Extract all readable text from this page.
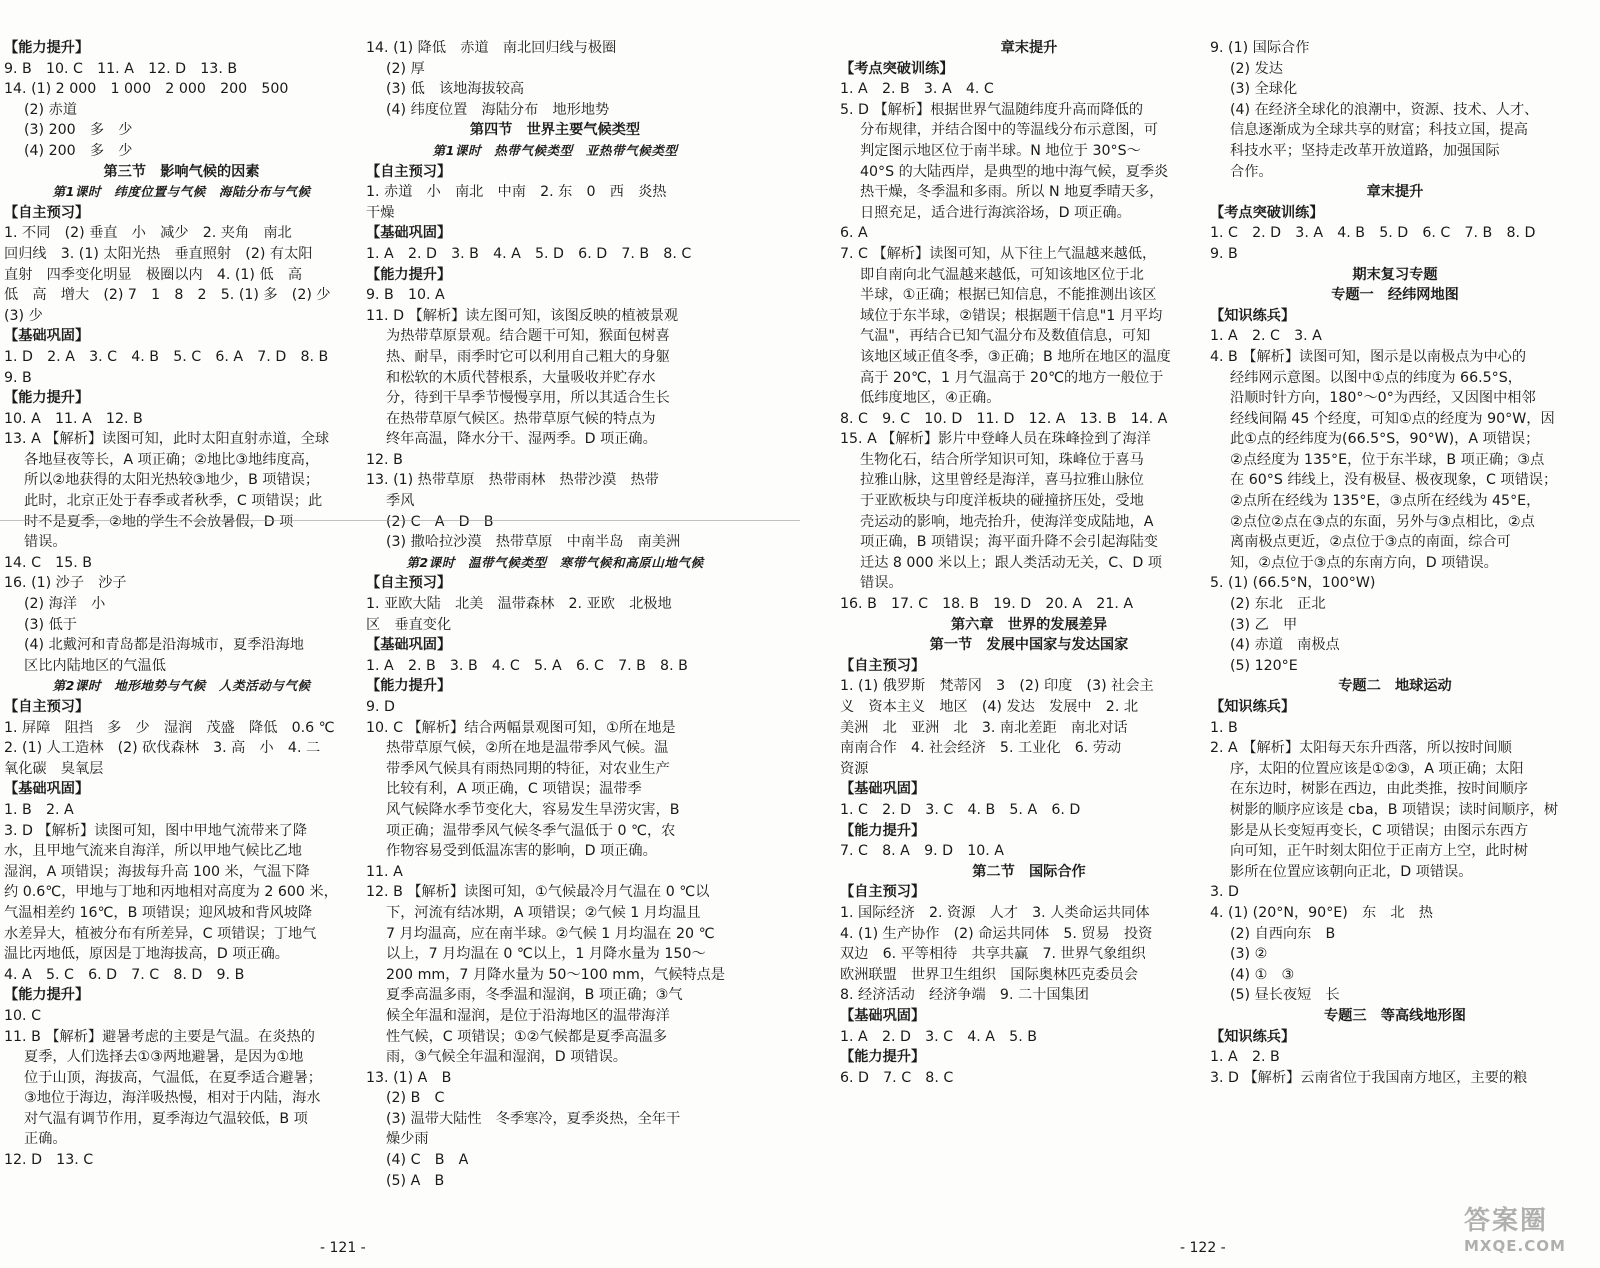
【能力提升】
9. B　10. C　11. A　12. D　13. B
14. (1) 2 000　1 000　2 000　200　500
(2) 赤道
(3) 200　多　少
(4) 200　多　少
第三节　影响气候的因素
第1课时　纬度位置与气候　海陆分布与气候
【自主预习】
1. 不同　(2) 垂直　小　减少　2. 夹角　南北
回归线　3. (1) 太阳光热　垂直照射　(2) 有太阳
直射　四季变化明显　极圈以内　4. (1) 低　高
低　高　增大　(2) 7　1　8　2　5. (1) 多　(2) 少
(3) 少
【基础巩固】
1. D　2. A　3. C　4. B　5. C　6. A　7. D　8. B
9. B
【能力提升】
10. A　11. A　12. B
13. A 【解析】读图可知，此时太阳直射赤道，全球
各地昼夜等长，A 项正确；②地比③地纬度高，
所以②地获得的太阳光热较③地少，B 项错误；
此时，北京正处于春季或者秋季，C 项错误；此
时不是夏季，②地的学生不会放暑假，D 项
错误。
14. C　15. B
16. (1) 沙子　沙子
(2) 海洋　小
(3) 低于
(4) 北戴河和青岛都是沿海城市，夏季沿海地
区比内陆地区的气温低
第2课时　地形地势与气候　人类活动与气候
【自主预习】
1. 屏障　阻挡　多　少　湿润　茂盛　降低　0.6 ℃
2. (1) 人工造林　(2) 砍伐森林　3. 高　小　4. 二
氧化碳　臭氧层
【基础巩固】
1. B　2. A
3. D 【解析】读图可知，图中甲地气流带来了降
水，且甲地气流来自海洋，所以甲地气候比乙地
湿润，A 项错误；海拔每升高 100 米，气温下降
约 0.6℃，甲地与丁地和丙地相对高度为 2 600 米，
气温相差约 16℃，B 项错误；迎风坡和背风坡降
水差异大，植被分布有所差异，C 项错误；丁地气
温比丙地低，原因是丁地海拔高，D 项正确。
4. A　5. C　6. D　7. C　8. D　9. B
【能力提升】
10. C
11. B 【解析】避暑考虑的主要是气温。在炎热的
夏季，人们选择去①③两地避暑，是因为①地
位于山顶，海拔高，气温低，在夏季适合避暑；
③地位于海边，海洋吸热慢，相对于内陆，海水
对气温有调节作用，夏季海边气温较低，B 项
正确。
12. D　13. C
14. (1) 降低　赤道　南北回归线与极圈
(2) 厚
(3) 低　该地海拔较高
(4) 纬度位置　海陆分布　地形地势
第四节　世界主要气候类型
第1课时　热带气候类型　亚热带气候类型
【自主预习】
1. 赤道　小　南北　中南　2. 东　0　西　炎热
干燥
【基础巩固】
1. A　2. D　3. B　4. A　5. D　6. D　7. B　8. C
【能力提升】
9. B　10. A
11. D 【解析】读左图可知，该图反映的植被景观
为热带草原景观。结合题干可知，猴面包树喜
热、耐旱，雨季时它可以利用自己粗大的身躯
和松软的木质代替根系，大量吸收并贮存水
分，待到干旱季节慢慢享用，所以其适合生长
在热带草原气候区。热带草原气候的特点为
终年高温，降水分干、湿两季。D 项正确。
12. B
13. (1) 热带草原　热带雨林　热带沙漠　热带
季风
(2) C　A　D　B
(3) 撒哈拉沙漠　热带草原　中南半岛　南美洲
第2课时　温带气候类型　寒带气候和高原山地气候
【自主预习】
1. 亚欧大陆　北美　温带森林　2. 亚欧　北极地
区　垂直变化
【基础巩固】
1. A　2. B　3. B　4. C　5. A　6. C　7. B　8. B
【能力提升】
9. D
10. C 【解析】结合两幅景观图可知，①所在地是
热带草原气候，②所在地是温带季风气候。温
带季风气候具有雨热同期的特征，对农业生产
比较有利，A 项正确，C 项错误；温带季
风气候降水季节变化大，容易发生旱涝灾害，B
项正确；温带季风气候冬季气温低于 0 ℃，农
作物容易受到低温冻害的影响，D 项正确。
11. A
12. B 【解析】读图可知，①气候最冷月气温在 0 ℃以
下，河流有结冰期，A 项错误；②气候 1 月均温且
7 月均温高，应在南半球。②气候 1 月均温在 20 ℃
以上，7 月均温在 0 ℃以上，1 月降水量为 150～
200 mm，7 月降水量为 50～100 mm，气候特点是
夏季高温多雨，冬季温和湿润，B 项正确；③气
候全年温和湿润，是位于沿海地区的温带海洋
性气候，C 项错误；①②气候都是夏季高温多
雨，③气候全年温和湿润，D 项错误。
13. (1) A　B
(2) B　C
(3) 温带大陆性　冬季寒冷，夏季炎热，全年干
燥少雨
(4) C　B　A
(5) A　B
- 121 -
章末提升
【考点突破训练】
1. A　2. B　3. A　4. C
5. D 【解析】根据世界气温随纬度升高而降低的
分布规律，并结合图中的等温线分布示意图，可
判定图示地区位于南半球。N 地位于 30°S～
40°S 的大陆西岸，是典型的地中海气候，夏季炎
热干燥，冬季温和多雨。所以 N 地夏季晴天多，
日照充足，适合进行海滨浴场，D 项正确。
6. A
7. C 【解析】读图可知，从下往上气温越来越低，
即自南向北气温越来越低，可知该地区位于北
半球，①正确；根据已知信息，不能推测出该区
域位于东半球，②错误；根据题干信息"1 月平均
气温"，再结合已知气温分布及数值信息，可知
该地区域正值冬季，③正确；B 地所在地区的温度
高于 20℃，1 月气温高于 20℃的地方一般位于
低纬度地区，④正确。
8. C　9. C　10. D　11. D　12. A　13. B　14. A
15. A 【解析】影片中登峰人员在珠峰捡到了海洋
生物化石，结合所学知识可知，珠峰位于喜马
拉雅山脉，这里曾经是海洋，喜马拉雅山脉位
于亚欧板块与印度洋板块的碰撞挤压处，受地
壳运动的影响，地壳抬升，使海洋变成陆地，A
项正确，B 项错误；海平面升降不会引起海陆变
迁达 8 000 米以上；跟人类活动无关，C、D 项
错误。
16. B　17. C　18. B　19. D　20. A　21. A
第六章　世界的发展差异
第一节　发展中国家与发达国家
【自主预习】
1. (1) 俄罗斯　梵蒂冈　3　(2) 印度　(3) 社会主
义　资本主义　地区　(4) 发达　发展中　2. 北
美洲　北　亚洲　北　3. 南北差距　南北对话
南南合作　4. 社会经济　5. 工业化　6. 劳动
资源
【基础巩固】
1. C　2. D　3. C　4. B　5. A　6. D
【能力提升】
7. C　8. A　9. D　10. A
第二节　国际合作
【自主预习】
1. 国际经济　2. 资源　人才　3. 人类命运共同体
4. (1) 生产协作　(2) 命运共同体　5. 贸易　投资
双边　6. 平等相待　共享共赢　7. 世界气象组织
欧洲联盟　世界卫生组织　国际奥林匹克委员会
8. 经济活动　经济争端　9. 二十国集团
【基础巩固】
1. A　2. D　3. C　4. A　5. B
【能力提升】
6. D　7. C　8. C
9. (1) 国际合作
(2) 发达
(3) 全球化
(4) 在经济全球化的浪潮中，资源、技术、人才、
信息逐渐成为全球共享的财富；科技立国，提高
科技水平；坚持走改革开放道路，加强国际
合作。
章末提升
【考点突破训练】
1. C　2. D　3. A　4. B　5. D　6. C　7. B　8. D
9. B
期末复习专题
专题一　经纬网地图
【知识练兵】
1. A　2. C　3. A
4. B 【解析】读图可知，图示是以南极点为中心的
经纬网示意图。以图中①点的纬度为 66.5°S，
沿顺时针方向，180°～0°为西经，又因图中相邻
经线间隔 45 个经度，可知①点的经度为 90°W，因
此①点的经纬度为(66.5°S，90°W)，A 项错误；
②点经度为 135°E，位于东半球，B 项正确；③点
在 60°S 纬线上，没有极昼、极夜现象，C 项错误；
②点所在经线为 135°E，③点所在经线为 45°E，
②点位②点在③点的东面，另外与③点相比，②点
离南极点更近，②点位于③点的南面，综合可
知，②点位于③点的东南方向，D 项错误。
5. (1) (66.5°N，100°W)
(2) 东北　正北
(3) 乙　甲
(4) 赤道　南极点
(5) 120°E
专题二　地球运动
【知识练兵】
1. B
2. A 【解析】太阳每天东升西落，所以按时间顺
序，太阳的位置应该是①②③，A 项正确；太阳
在东边时，树影在西边，由此类推，按时间顺序
树影的顺序应该是 cba，B 项错误；读时间顺序，树
影是从长变短再变长，C 项错误；由图示东西方
向可知，正午时刻太阳位于正南方上空，此时树
影所在位置应该朝向正北，D 项错误。
3. D
4. (1) (20°N，90°E)　东　北　热
(2) 自西向东　B
(3) ②
(4) ①　③
(5) 昼长夜短　长
专题三　等高线地形图
【知识练兵】
1. A　2. B
3. D 【解析】云南省位于我国南方地区，主要的粮
- 122 -
答案圈
MXQE.COM
